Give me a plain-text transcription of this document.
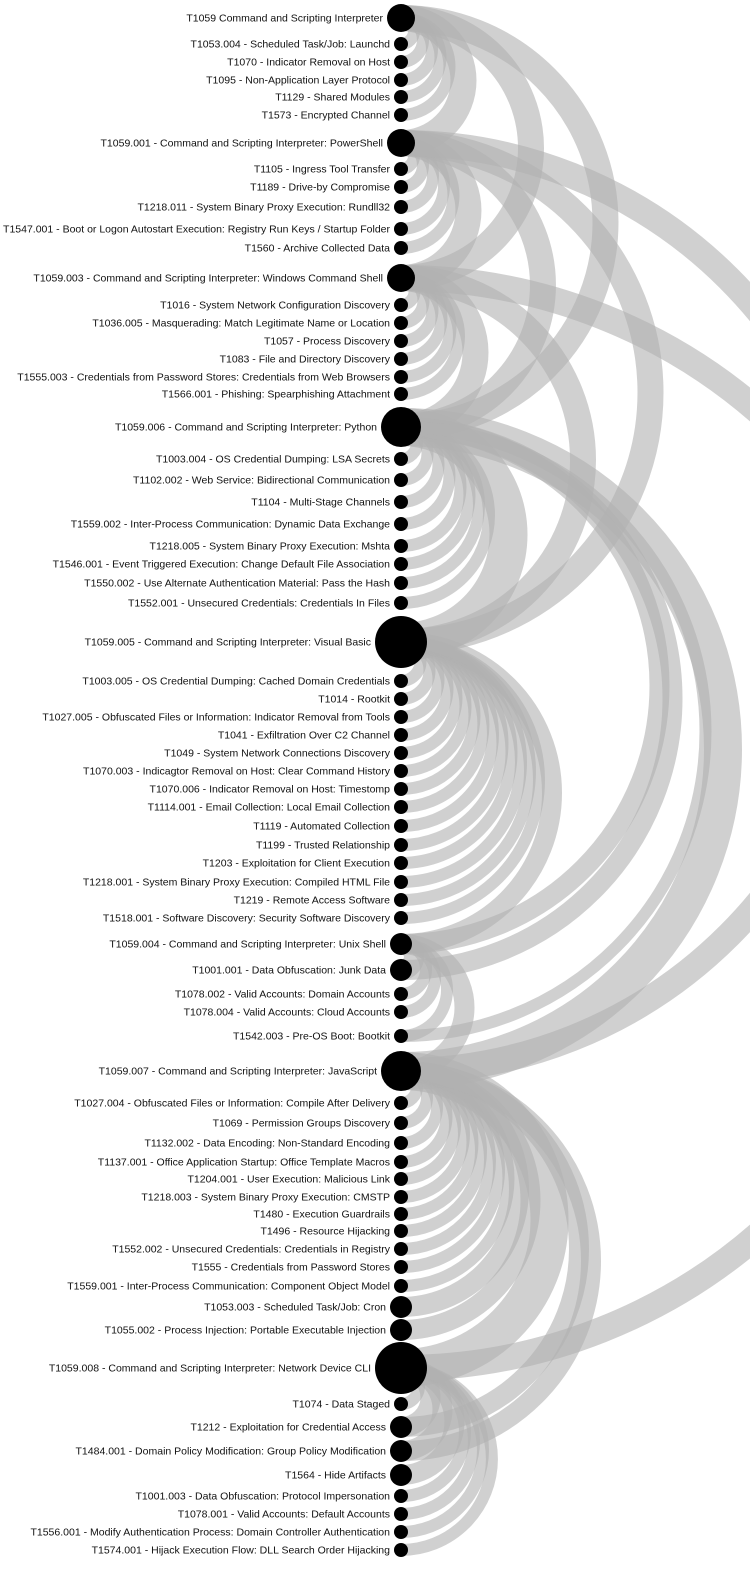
T1059 Command and Scripting Interpreter
T1053.004 - Scheduled Task/Job: Launchd
T1070 - Indicator Removal on Host
T1095 - Non-Application Layer Protocol
T1129 - Shared Modules
T1573 - Encrypted Channel
T1059.001 - Command and Scripting Interpreter: PowerShell
T1105 - Ingress Tool Transfer
T1189 - Drive-by Compromise
T1218.011 - System Binary Proxy Execution: Rundll32
T1547.001 - Boot or Logon Autostart Execution: Registry Run Keys / Startup Folder
T1560 - Archive Collected Data
T1059.003 - Command and Scripting Interpreter: Windows Command Shell
T1016 - System Network Configuration Discovery
T1036.005 - Masquerading: Match Legitimate Name or Location
T1057 - Process Discovery
T1083 - File and Directory Discovery
T1555.003 - Credentials from Password Stores: Credentials from Web Browsers
T1566.001 - Phishing: Spearphishing Attachment
T1059.006 - Command and Scripting Interpreter: Python
T1003.004 - OS Credential Dumping: LSA Secrets
T1102.002 - Web Service: Bidirectional Communication
T1104 - Multi-Stage Channels
T1559.002 - Inter-Process Communication: Dynamic Data Exchange
T1218.005 - System Binary Proxy Execution: Mshta
T1546.001 - Event Triggered Execution: Change Default File Association
T1550.002 - Use Alternate Authentication Material: Pass the Hash
T1552.001 - Unsecured Credentials: Credentials In Files
T1059.005 - Command and Scripting Interpreter: Visual Basic
T1003.005 - OS Credential Dumping: Cached Domain Credentials
T1014 - Rootkit
T1027.005 - Obfuscated Files or Information: Indicator Removal from Tools
T1041 - Exfiltration Over C2 Channel
T1049 - System Network Connections Discovery
T1070.003 - Indicagtor Removal on Host: Clear Command History
T1070.006 - Indicator Removal on Host: Timestomp
T1114.001 - Email Collection: Local Email Collection
T1119 - Automated Collection
T1199 - Trusted Relationship
T1203 - Exploitation for Client Execution
T1218.001 - System Binary Proxy Execution: Compiled HTML File
T1219 - Remote Access Software
T1518.001 - Software Discovery: Security Software Discovery
T1059.004 - Command and Scripting Interpreter: Unix Shell
T1001.001 - Data Obfuscation: Junk Data
T1078.002 - Valid Accounts: Domain Accounts
T1078.004 - Valid Accounts: Cloud Accounts
T1542.003 - Pre-OS Boot: Bootkit
T1059.007 - Command and Scripting Interpreter: JavaScript
T1027.004 - Obfuscated Files or Information: Compile After Delivery
T1069 - Permission Groups Discovery
T1132.002 - Data Encoding: Non-Standard Encoding
T1137.001 - Office Application Startup: Office Template Macros
T1204.001 - User Execution: Malicious Link
T1218.003 - System Binary Proxy Execution: CMSTP
T1480 - Execution Guardrails
T1496 - Resource Hijacking
T1552.002 - Unsecured Credentials: Credentials in Registry
T1555 - Credentials from Password Stores
T1559.001 - Inter-Process Communication: Component Object Model
T1053.003 - Scheduled Task/Job: Cron
T1055.002 - Process Injection: Portable Executable Injection
T1059.008 - Command and Scripting Interpreter: Network Device CLI
T1074 - Data Staged
T1212 - Exploitation for Credential Access
T1484.001 - Domain Policy Modification: Group Policy Modification
T1564 - Hide Artifacts
T1001.003 - Data Obfuscation: Protocol Impersonation
T1078.001 - Valid Accounts: Default Accounts
T1556.001 - Modify Authentication Process: Domain Controller Authentication
T1574.001 - Hijack Execution Flow: DLL Search Order Hijacking
